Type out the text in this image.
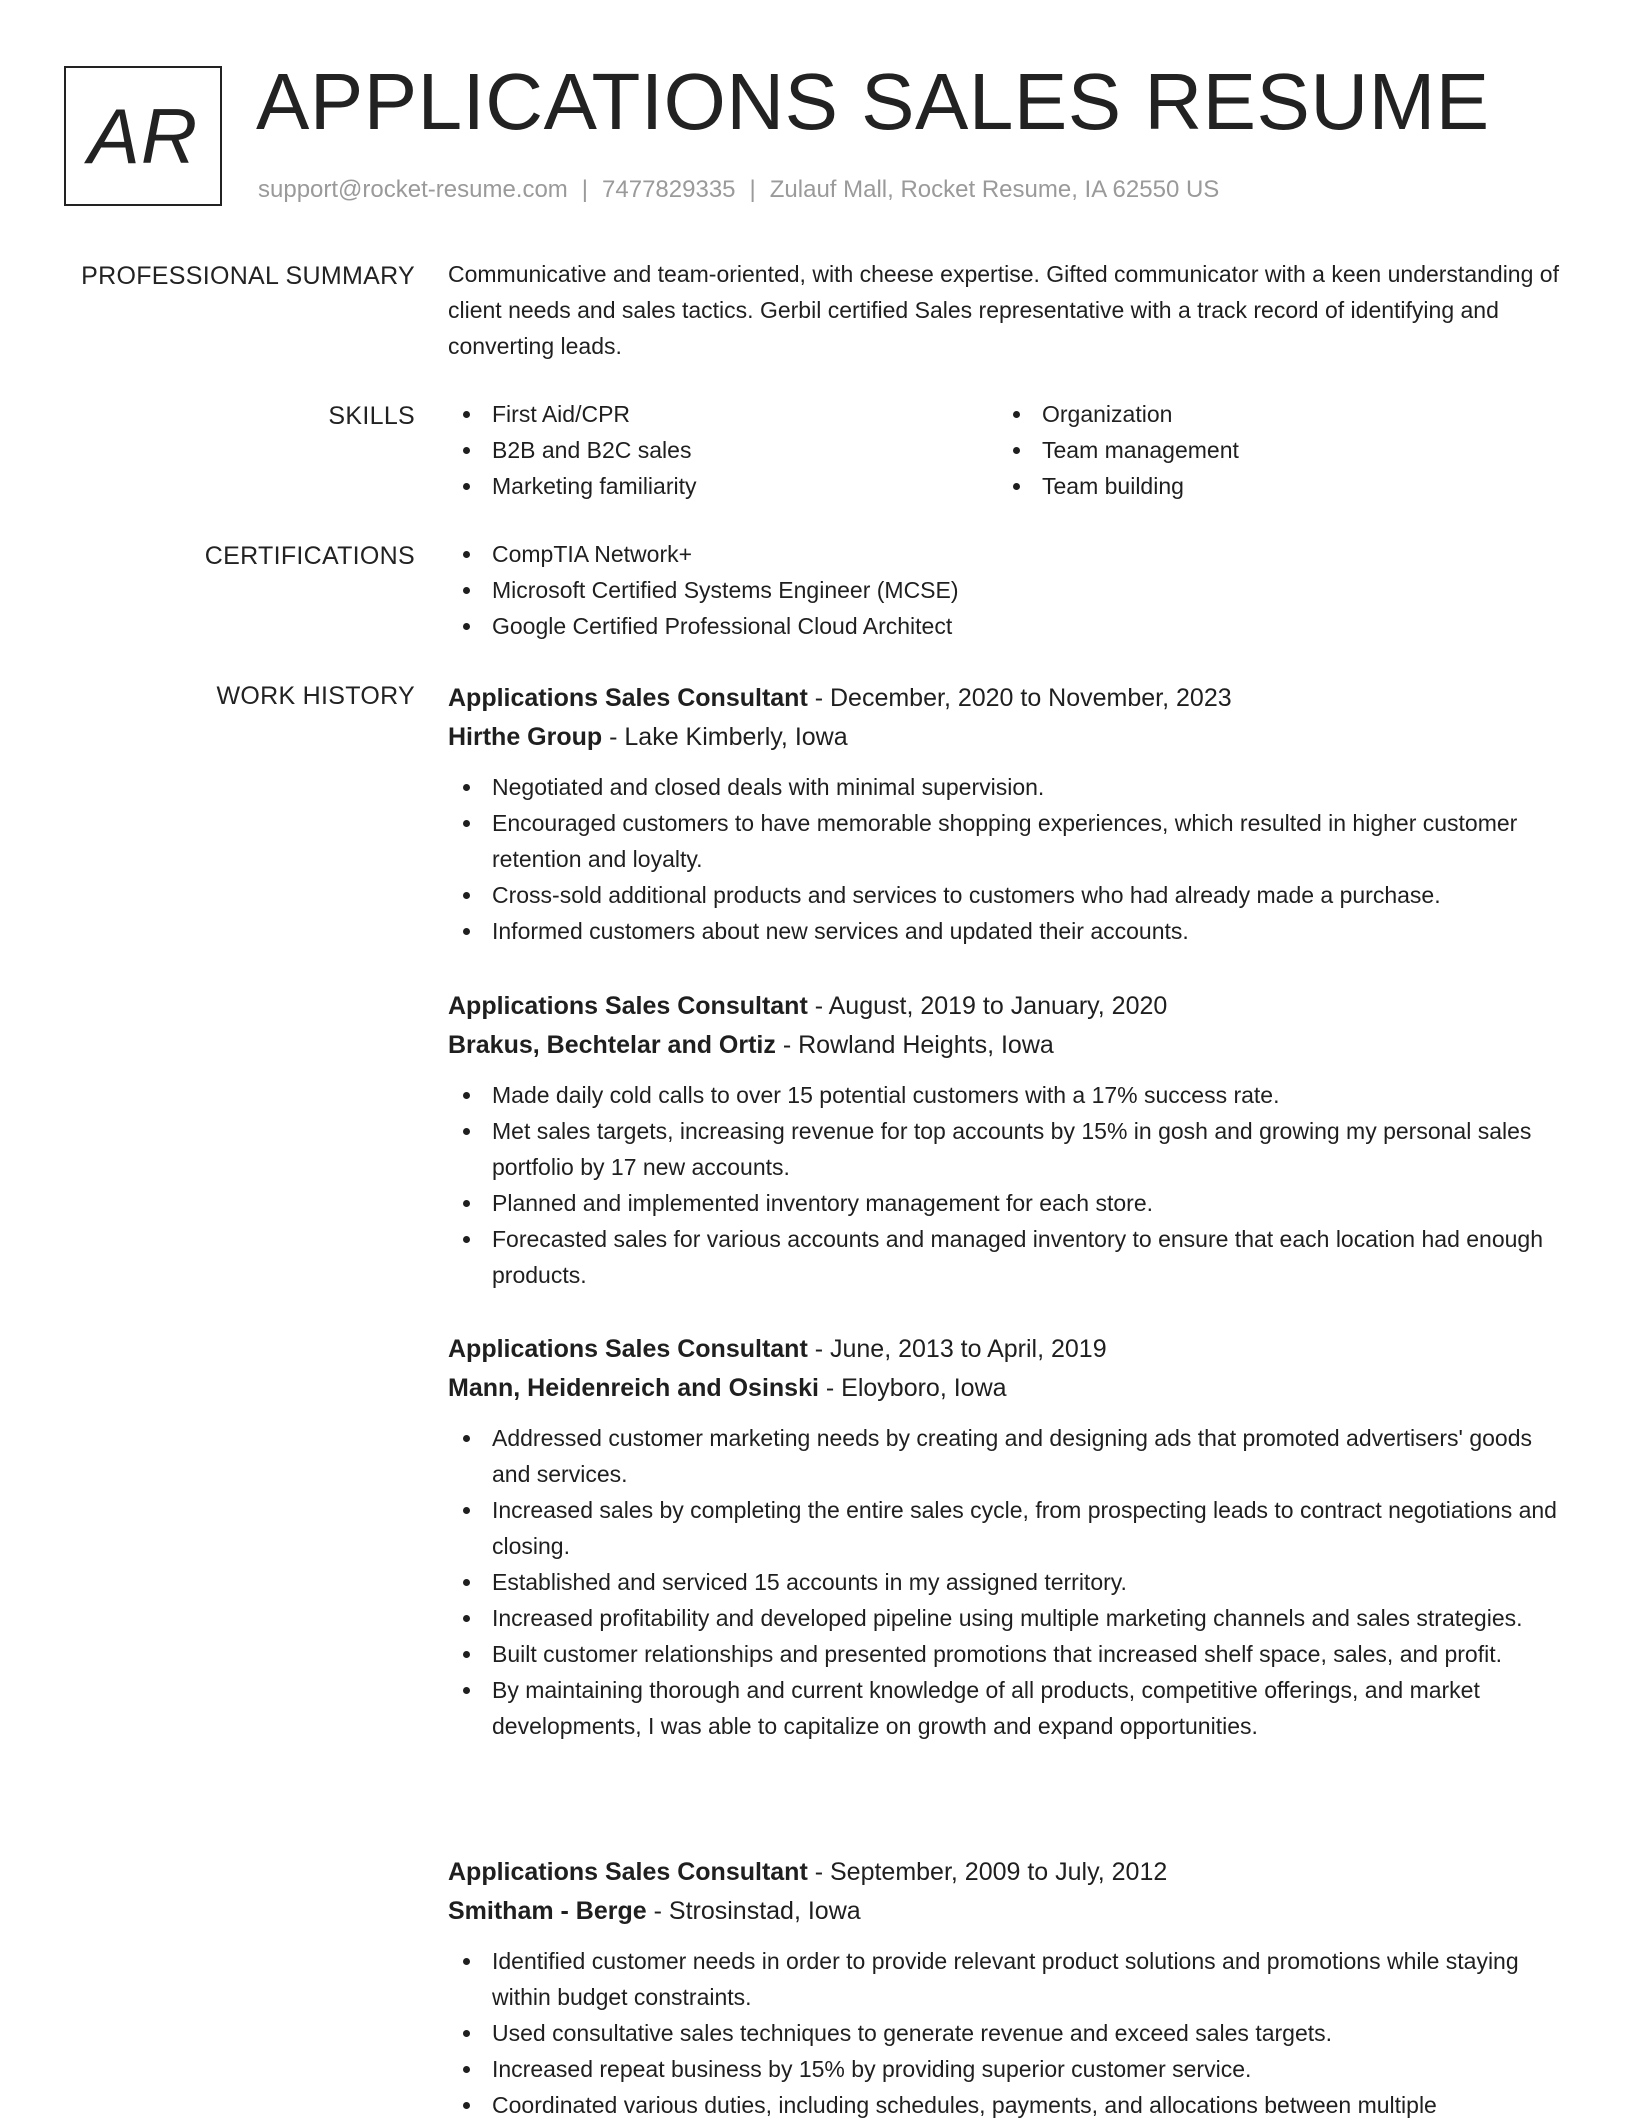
AR APPLICATIONS SALES RESUME
support@rocket-resume.com | 7477829335 | Zulauf Mall, Rocket Resume, IA 62550 US
PROFESSIONAL SUMMARY Communicative and team-oriented, with cheese expertise. Gifted communicator with a keen understanding of client needs and sales tactics. Gerbil certified Sales representative with a track record of identifying and converting leads.

SKILLS	First Aid/CPR
B2B and B2C sales
Marketing familiarity
Organization
Team management
Team building
CERTIFICATIONS	CompTIA Network+
Microsoft Certified Systems Engineer (MCSE)
Google Certified Professional Cloud Architect
WORK HISTORY Applications Sales Consultant - December, 2020 to November, 2023
Hirthe Group - Lake Kimberly, Iowa
Negotiated and closed deals with minimal supervision.
Encouraged customers to have memorable shopping experiences, which resulted in higher customer retention and loyalty.
Cross-sold additional products and services to customers who had already made a purchase.
Informed customers about new services and updated their accounts.
Applications Sales Consultant - August, 2019 to January, 2020
Brakus, Bechtelar and Ortiz - Rowland Heights, Iowa
Made daily cold calls to over 15 potential customers with a 17% success rate.
Met sales targets, increasing revenue for top accounts by 15% in gosh and growing my personal sales portfolio by 17 new accounts.
Planned and implemented inventory management for each store.
Forecasted sales for various accounts and managed inventory to ensure that each location had enough products.
Applications Sales Consultant - June, 2013 to April, 2019
Mann, Heidenreich and Osinski - Eloyboro, Iowa
Addressed customer marketing needs by creating and designing ads that promoted advertisers' goods and services.
Increased sales by completing the entire sales cycle, from prospecting leads to contract negotiations and closing.
Established and serviced 15 accounts in my assigned territory.
Increased profitability and developed pipeline using multiple marketing channels and sales strategies.
Built customer relationships and presented promotions that increased shelf space, sales, and profit.
By maintaining thorough and current knowledge of all products, competitive offerings, and market developments, I was able to capitalize on growth and expand opportunities.
Applications Sales Consultant - September, 2009 to July, 2012
Smitham - Berge - Strosinstad, Iowa
Identified customer needs in order to provide relevant product solutions and promotions while staying within budget constraints.
Used consultative sales techniques to generate revenue and exceed sales targets.
Increased repeat business by 15% by providing superior customer service.
Coordinated various duties, including schedules, payments, and allocations between multiple
